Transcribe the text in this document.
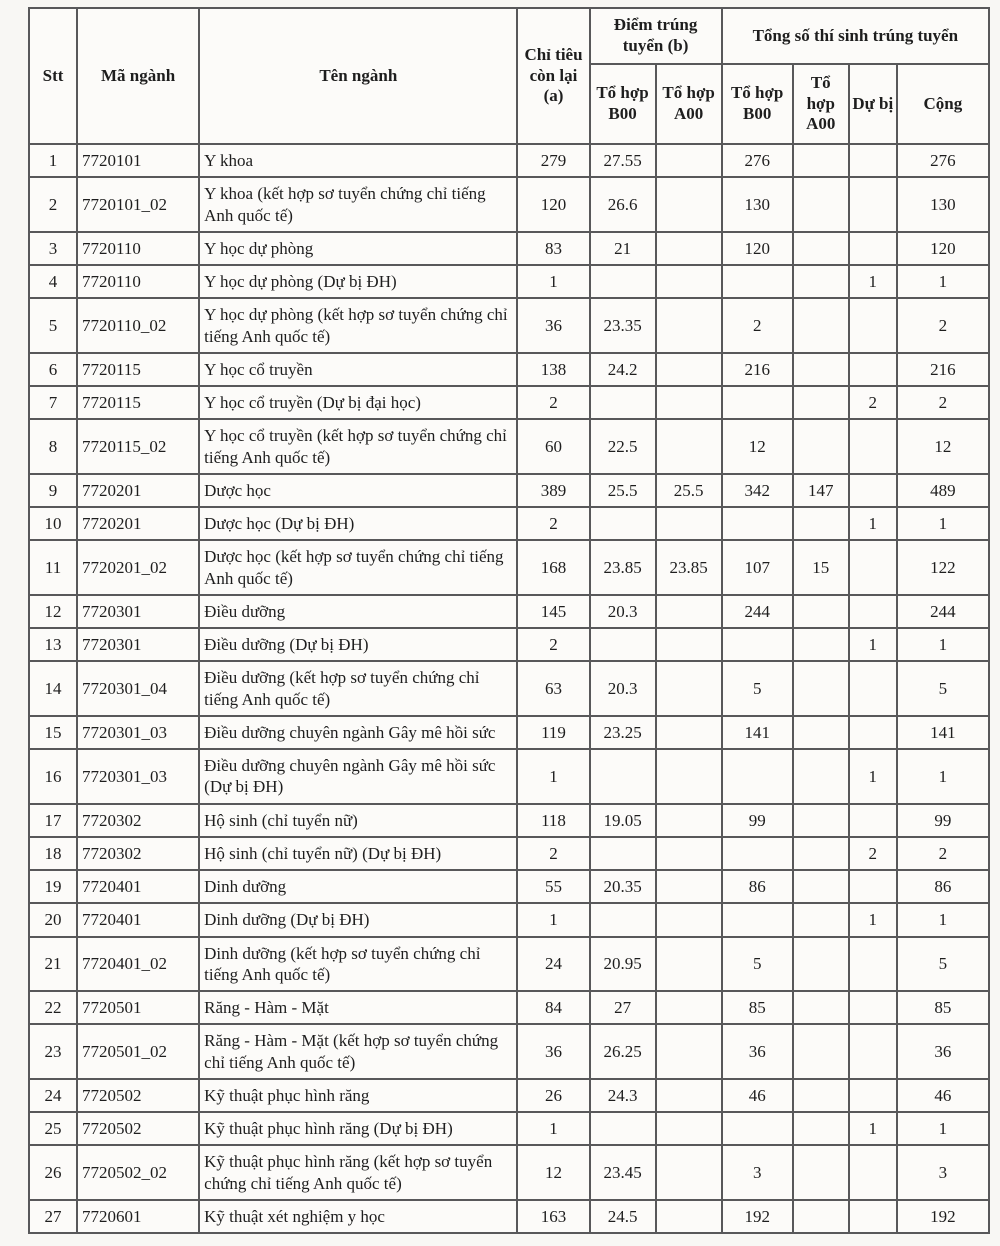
Stt	Mã ngành	Tên ngành	Chỉ tiêu còn lại (a)	Điểm trúng tuyển (b)		Tổng số thí sinh trúng tuyển			
				Tổ hợp B00	Tổ hợp A00	Tổ hợp B00	Tổ hợp A00	Dự bị	Cộng
1	7720101	Y khoa	279	27.55		276			276
2	7720101_02	Y khoa (kết hợp sơ tuyển chứng chỉ tiếng Anh quốc tế)	120	26.6		130			130
3	7720110	Y học dự phòng	83	21		120			120
4	7720110	Y học dự phòng (Dự bị ĐH)	1					1	1
5	7720110_02	Y học dự phòng (kết hợp sơ tuyển chứng chỉ tiếng Anh quốc tế)	36	23.35		2			2
6	7720115	Y học cổ truyền	138	24.2		216			216
7	7720115	Y học cổ truyền (Dự bị đại học)	2					2	2
8	7720115_02	Y học cổ truyền (kết hợp sơ tuyển chứng chỉ tiếng Anh quốc tế)	60	22.5		12			12
9	7720201	Dược học	389	25.5	25.5	342	147		489
10	7720201	Dược học (Dự bị ĐH)	2					1	1
11	7720201_02	Dược học (kết hợp sơ tuyển chứng chỉ tiếng Anh quốc tế)	168	23.85	23.85	107	15		122
12	7720301	Điều dưỡng	145	20.3		244			244
13	7720301	Điều dưỡng (Dự bị ĐH)	2					1	1
14	7720301_04	Điều dưỡng (kết hợp sơ tuyển chứng chỉ tiếng Anh quốc tế)	63	20.3		5			5
15	7720301_03	Điều dưỡng chuyên ngành Gây mê hồi sức	119	23.25		141			141
16	7720301_03	Điều dưỡng chuyên ngành Gây mê hồi sức (Dự bị ĐH)	1					1	1
17	7720302	Hộ sinh (chỉ tuyển nữ)	118	19.05		99			99
18	7720302	Hộ sinh (chỉ tuyển nữ) (Dự bị ĐH)	2					2	2
19	7720401	Dinh dưỡng	55	20.35		86			86
20	7720401	Dinh dưỡng (Dự bị ĐH)	1					1	1
21	7720401_02	Dinh dưỡng (kết hợp sơ tuyển chứng chỉ tiếng Anh quốc tế)	24	20.95		5			5
22	7720501	Răng - Hàm - Mặt	84	27		85			85
23	7720501_02	Răng - Hàm - Mặt (kết hợp sơ tuyển chứng chỉ tiếng Anh quốc tế)	36	26.25		36			36
24	7720502	Kỹ thuật phục hình răng	26	24.3		46			46
25	7720502	Kỹ thuật phục hình răng (Dự bị ĐH)	1					1	1
26	7720502_02	Kỹ thuật phục hình răng (kết hợp sơ tuyển chứng chỉ tiếng Anh quốc tế)	12	23.45		3			3
27	7720601	Kỹ thuật xét nghiệm y học	163	24.5		192			192
